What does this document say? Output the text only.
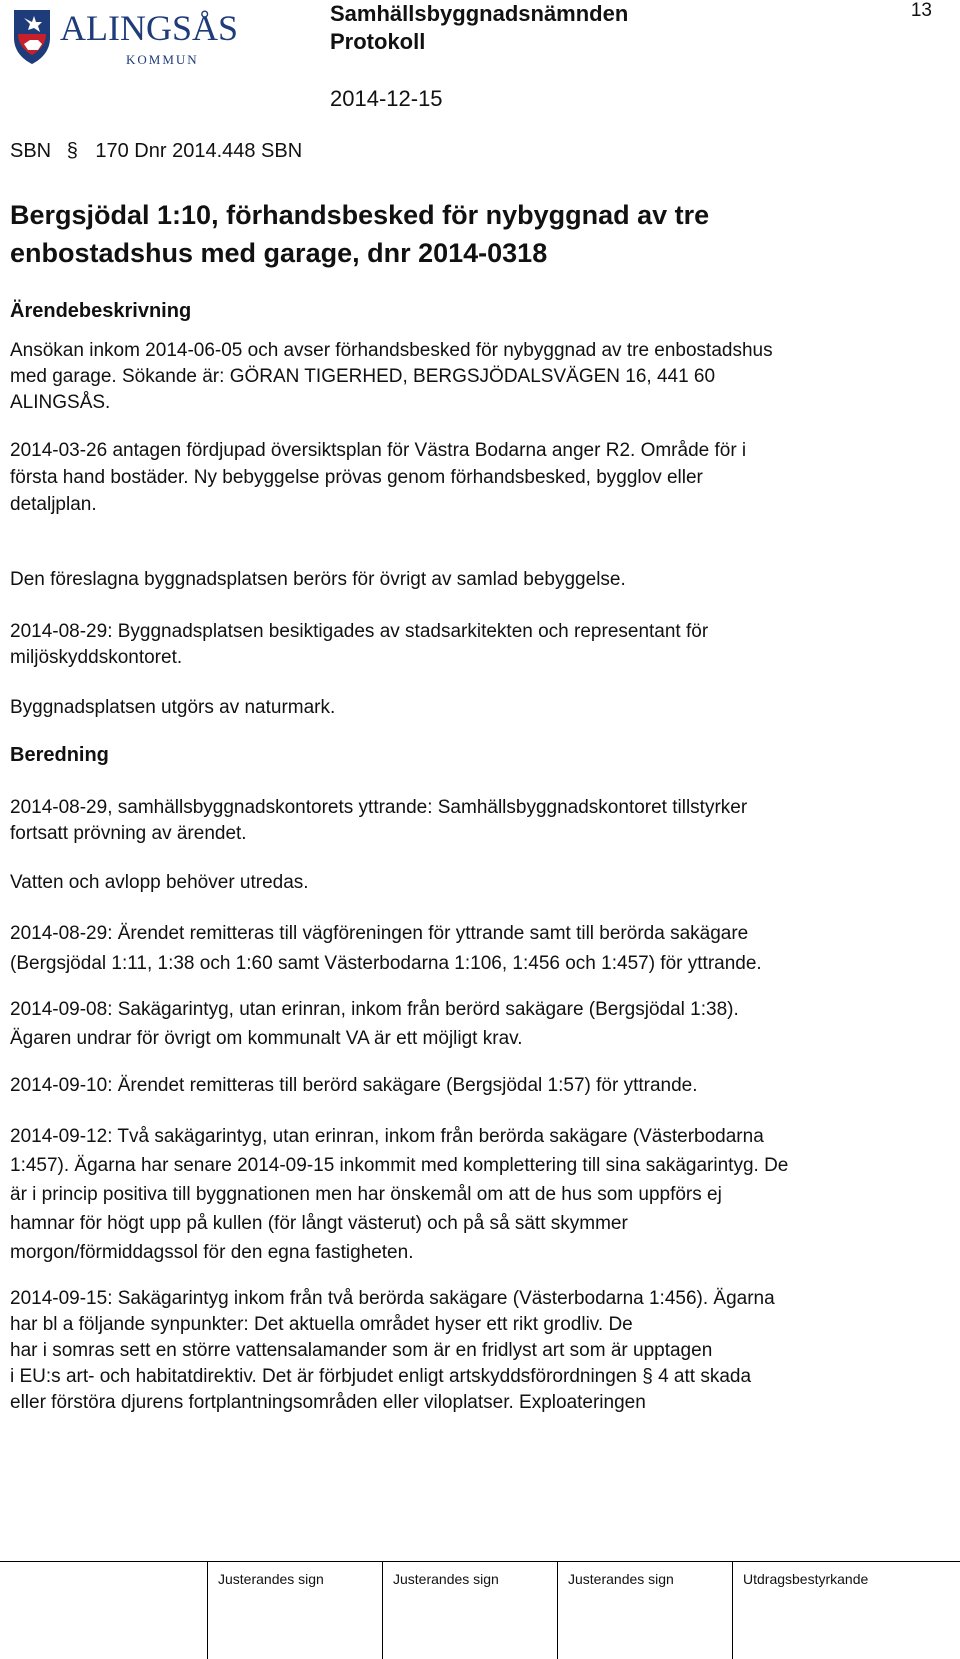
ALINGSÅS
KOMMUN
Samhällsbyggnadsnämnden
Protokoll
13
2014-12-15
SBN § 170 Dnr 2014.448 SBN
Bergsjödal 1:10, förhandsbesked för nybyggnad av tre
enbostadshus med garage, dnr 2014-0318
Ärendebeskrivning
Ansökan inkom 2014-06-05 och avser förhandsbesked för nybyggnad av tre enbostadshus
med garage. Sökande är: GÖRAN TIGERHED, BERGSJÖDALSVÄGEN 16, 441 60
ALINGSÅS.
2014-03-26 antagen fördjupad översiktsplan för Västra Bodarna anger R2. Område för i
första hand bostäder. Ny bebyggelse prövas genom förhandsbesked, bygglov eller
detaljplan.
Den föreslagna byggnadsplatsen berörs för övrigt av samlad bebyggelse.
2014-08-29: Byggnadsplatsen besiktigades av stadsarkitekten och representant för
miljöskyddskontoret.
Byggnadsplatsen utgörs av naturmark.
Beredning
2014-08-29, samhällsbyggnadskontorets yttrande: Samhällsbyggnadskontoret tillstyrker
fortsatt prövning av ärendet.
Vatten och avlopp behöver utredas.
2014-08-29: Ärendet remitteras till vägföreningen för yttrande samt till berörda sakägare
(Bergsjödal 1:11, 1:38 och 1:60 samt Västerbodarna 1:106, 1:456 och 1:457) för yttrande.
2014-09-08: Sakägarintyg, utan erinran, inkom från berörd sakägare (Bergsjödal 1:38).
Ägaren undrar för övrigt om kommunalt VA är ett möjligt krav.
2014-09-10: Ärendet remitteras till berörd sakägare (Bergsjödal 1:57) för yttrande.
2014-09-12: Två sakägarintyg, utan erinran, inkom från berörda sakägare (Västerbodarna
1:457). Ägarna har senare 2014-09-15 inkommit med komplettering till sina sakägarintyg. De
är i princip positiva till byggnationen men har önskemål om att de hus som uppförs ej
hamnar för högt upp på kullen (för långt västerut) och på så sätt skymmer
morgon/förmiddagssol för den egna fastigheten.
2014-09-15: Sakägarintyg inkom från två berörda sakägare (Västerbodarna 1:456). Ägarna
har bl a följande synpunkter: Det aktuella området hyser ett rikt grodliv. De
har i somras sett en större vattensalamander som är en fridlyst art som är upptagen
i EU:s art- och habitatdirektiv. Det är förbjudet enligt artskyddsförordningen § 4 att skada
eller förstöra djurens fortplantningsområden eller viloplatser. Exploateringen
Justerandes sign	Justerandes sign	Justerandes sign	Utdragsbestyrkande
